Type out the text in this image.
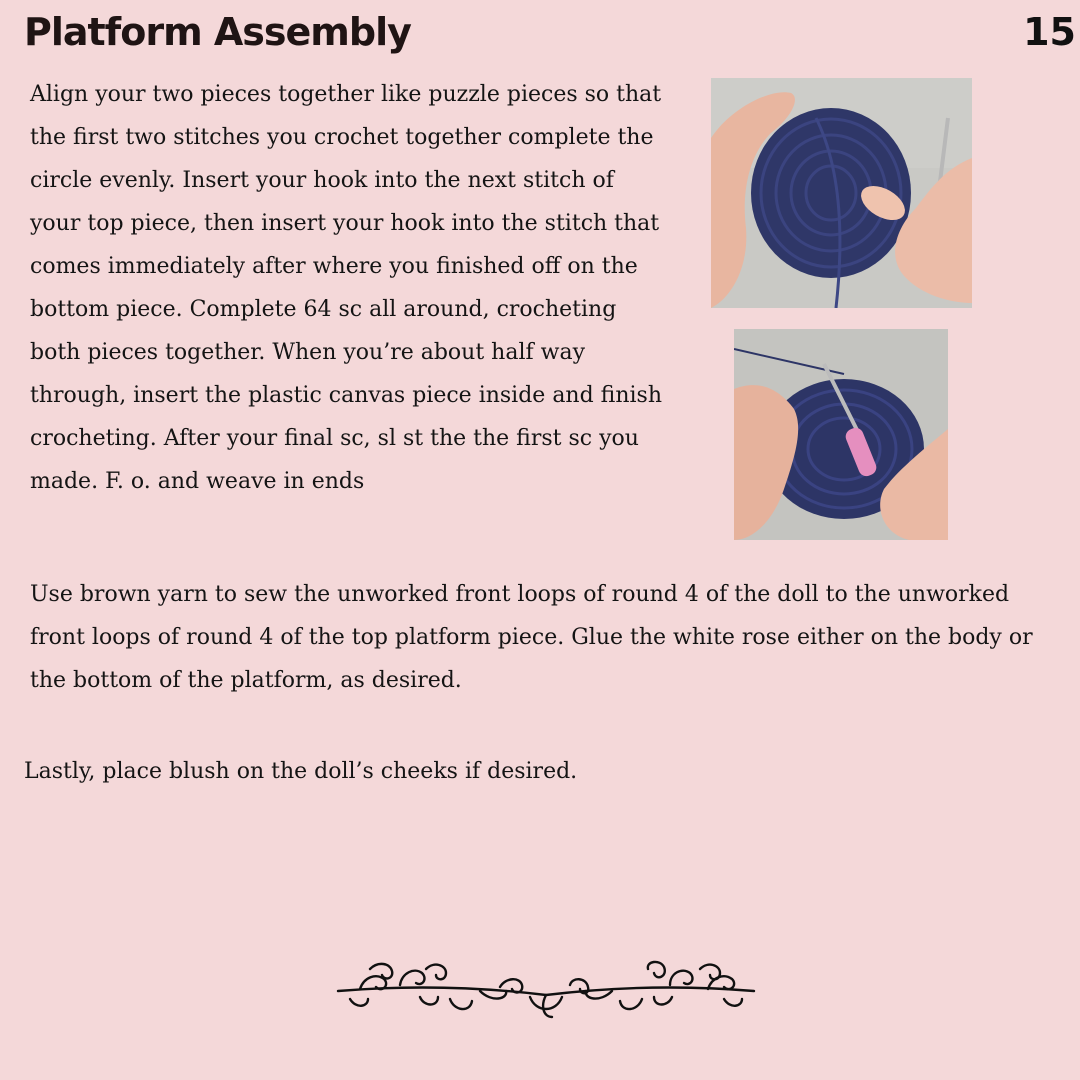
Platform Assembly	15

Align your two pieces together like puzzle pieces so that the first two stitches you crochet together complete the circle evenly. Insert your hook into the next stitch of your top piece, then insert your hook into the stitch that comes immediately after where you finished off on the bottom piece. Complete 64 sc all around, crocheting both pieces together. When you’re about half way through, insert the plastic canvas piece inside and finish crocheting. After your final sc, sl st the the first sc you made. F. o. and weave in ends

Use brown yarn to sew the unworked front loops of round 4 of the doll to the unworked front loops of round 4 of the top platform piece. Glue the white rose either on the body or the bottom of the platform, as desired.

Lastly, place blush on the doll’s cheeks if desired.
